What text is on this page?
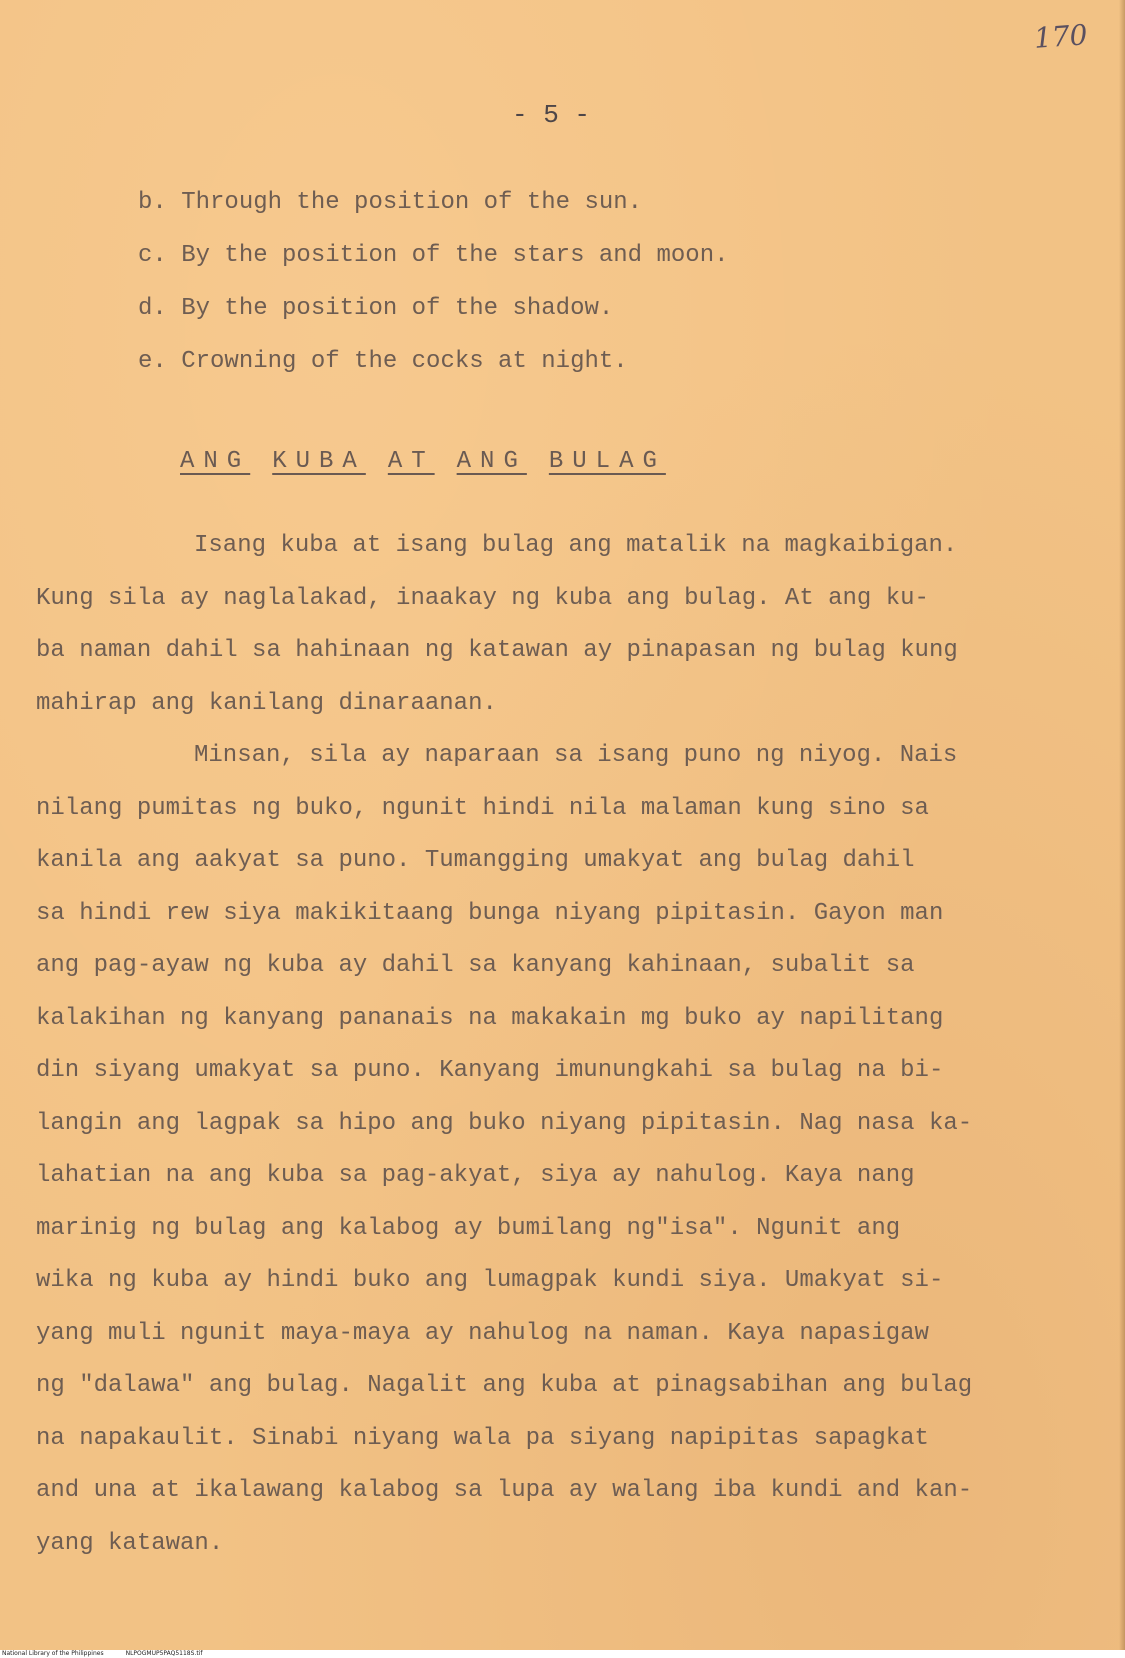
170
- 5 -
b. Through the position of the sun.
c. By the position of the stars and moon.
d. By the position of the shadow.
e. Crowning of the cocks at night.
ANG KUBA AT ANG BULAG

Isang kuba at isang bulag ang matalik na magkaibigan.
Kung sila ay naglalakad, inaakay ng kuba ang bulag. At ang ku-
ba naman dahil sa hahinaan ng katawan ay pinapasan ng bulag kung
mahirap ang kanilang dinaraanan.

Minsan, sila ay naparaan sa isang puno ng niyog. Nais
nilang pumitas ng buko, ngunit hindi nila malaman kung sino sa
kanila ang aakyat sa puno. Tumangging umakyat ang bulag dahil
sa hindi rew siya makikitaang bunga niyang pipitasin. Gayon man
ang pag-ayaw ng kuba ay dahil sa kanyang kahinaan, subalit sa
kalakihan ng kanyang pananais na makakain mg buko ay napilitang
din siyang umakyat sa puno. Kanyang imunungkahi sa bulag na bi-
langin ang lagpak sa hipo ang buko niyang pipitasin. Nag nasa ka-
lahatian na ang kuba sa pag-akyat, siya ay nahulog. Kaya nang
marinig ng bulag ang kalabog ay bumilang ng"isa". Ngunit ang
wika ng kuba ay hindi buko ang lumagpak kundi siya. Umakyat si-
yang muli ngunit maya-maya ay nahulog na naman. Kaya napasigaw
ng "dalawa" ang bulag. Nagalit ang kuba at pinagsabihan ang bulag
na napakaulit. Sinabi niyang wala pa siyang napipitas sapagkat
and una at ikalawang kalabog sa lupa ay walang iba kundi and kan-
yang katawan.

National Library of the Philippines	NLPOGMUP5PAQ5118S.tif
